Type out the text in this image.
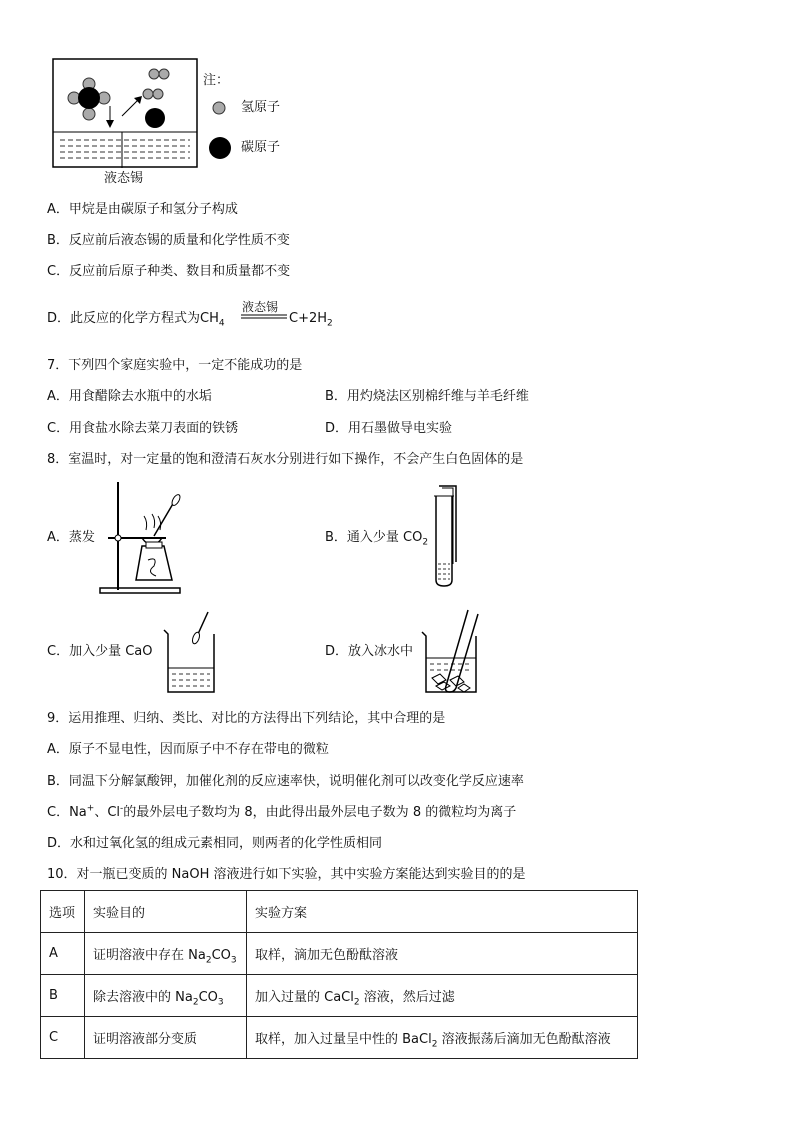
注：
氢原子
碳原子
液态锡
A．甲烷是由碳原子和氢分子构成
B．反应前后液态锡的质量和化学性质不变
C．反应前后原子种类、数目和质量都不变
D．此反应的化学方程式为$CH_4$
液态锡
$C+2H_2$
7．下列四个家庭实验中，一定不能成功的是
A．用食醋除去水瓶中的水垢	B．用灼烧法区别棉纤维与羊毛纤维
C．用食盐水除去菜刀表面的铁锈	D．用石墨做导电实验
8．室温时，对一定量的饱和澄清石灰水分别进行如下操作，不会产生白色固体的是
A．蒸发	B．通入少量 $CO_2$
C．加入少量 CaO	D．放入冰水中
9．运用推理、归纳、类比、对比的方法得出下列结论，其中合理的是
A．原子不显电性，因而原子中不存在带电的微粒
B．同温下分解氯酸钾，加催化剂的反应速率快，说明催化剂可以改变化学反应速率
C．Na+、Cl-的最外层电子数均为 8，由此得出最外层电子数为 8 的微粒均为离子
D．水和过氧化氢的组成元素相同，则两者的化学性质相同
10．对一瓶已变质的 NaOH 溶液进行如下实验，其中实验方案能达到实验目的的是
选项	实验目的	实验方案
A	证明溶液中存在 $Na_2CO_3$	取样，滴加无色酚酞溶液
B	除去溶液中的 $Na_2CO_3$	加入过量的 CaCl$_2$ 溶液，然后过滤
C	证明溶液部分变质	取样，加入过量呈中性的 BaCl$_2$ 溶液振荡后滴加无色酚酞溶液
